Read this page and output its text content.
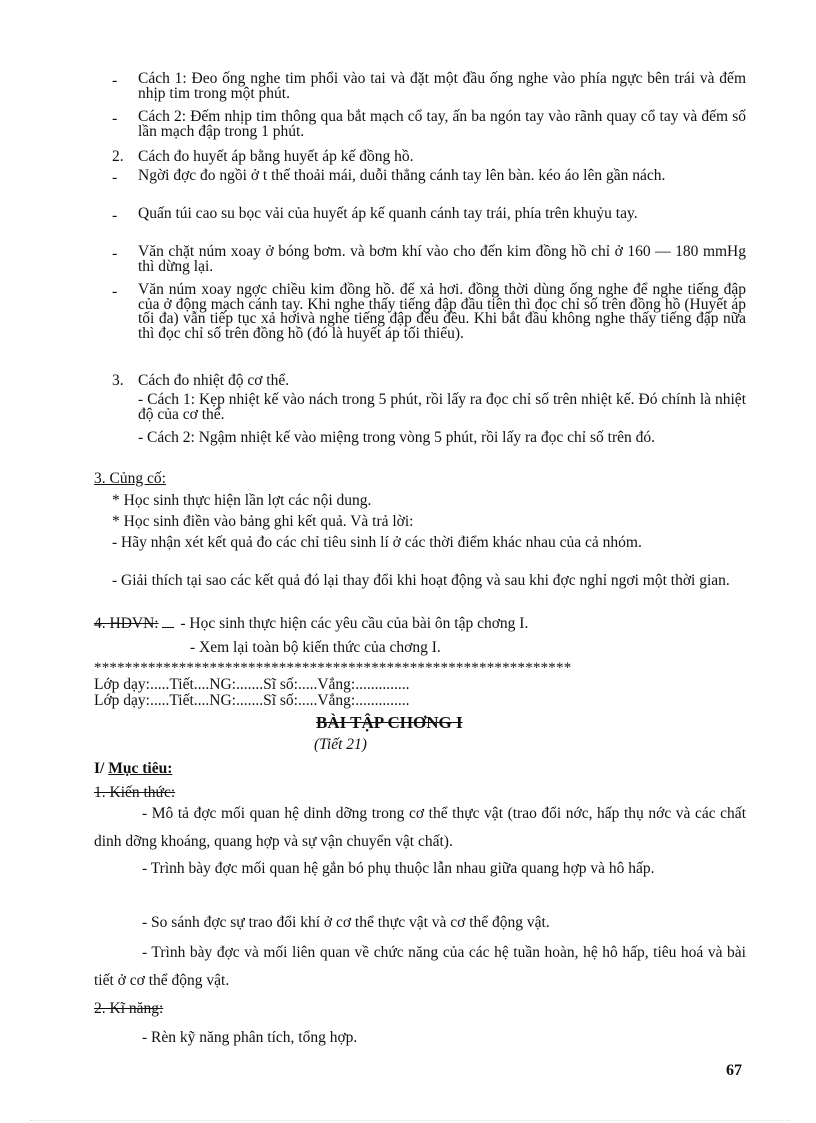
- Cách 1: Đeo ống nghe tim phổi vào tai và đặt một đầu ống nghe vào phía ngực bên trái và đếm nhịp tim trong một phút.
- Cách 2: Đếm nhịp tim thông qua bắt mạch cổ tay, ấn ba ngón tay vào rãnh quay cổ tay và đếm số lần mạch đập trong 1 phút.
2. Cách đo huyết áp bằng huyết áp kế đồng hồ.
- Ngời đợc đo ngồi ở t thế thoải mái, duỗi thẳng cánh tay lên bàn. kéo áo lên gần nách.
- Quấn túi cao su bọc vải của huyết áp kế quanh cánh tay trái, phía trên khuỷu tay.
- Văn chặt núm xoay ở bóng bơm. và bơm khí vào cho đến kim đồng hồ chỉ ở 160 — 180 mmHg thì dừng lại.
- Văn núm xoay ngợc chiều kim đồng hồ. để xả hơi. đồng thời dùng ống nghe để nghe tiếng đập của ở động mạch cánh tay. Khi nghe thấy tiếng đập đầu tiên thì đọc chỉ số trên đồng hồ (Huyết áp tối đa) vẫn tiếp tục xả hơivà nghe tiếng đập đều đều. Khi bắt đầu không nghe thấy tiếng đập nữa thì đọc chỉ số trên đồng hồ (đó là huyết áp tối thiểu).
3. Cách đo nhiệt độ cơ thể.
- Cách 1: Kẹp nhiệt kế vào nách trong 5 phút, rồi lấy ra đọc chỉ số trên nhiệt kế. Đó chính là nhiệt độ của cơ thể.
- Cách 2: Ngậm nhiệt kế vào miệng trong vòng 5 phút, rồi lấy ra đọc chỉ số trên đó.
3. Củng cố:
* Học sinh thực hiện lần lợt các nội dung.
* Học sinh điền vào bảng ghi kết quả. Và trả lời:
- Hãy nhận xét kết quả đo các chỉ tiêu sinh lí ở các thời điểm khác nhau của cả nhóm.
- Giải thích tại sao các kết quả đó lại thay đổi khi hoạt động và sau khi đợc nghỉ ngơi một thời gian.
4. HDVN: - Học sinh thực hiện các yêu cầu của bài ôn tập chơng I.
- Xem lại toàn bộ kiến thức của chơng I.
**************************************************************
Lớp dạy:.....Tiết....NG:.......Sĩ số:.....Vắng:..............
Lớp dạy:.....Tiết....NG:.......Sĩ số:.....Vắng:..............
BÀI TẬP CHƠNG I
(Tiết 21)
I/ Mục tiêu:
1. Kiến thức:
- Mô tả đợc mối quan hệ dinh dỡng trong cơ thể thực vật (trao đổi nớc, hấp thụ nớc và các chất dinh dỡng khoáng, quang hợp và sự vận chuyển vật chất).
- Trình bày đợc mối quan hệ gắn bó phụ thuộc lẫn nhau giữa quang hợp và hô hấp.
- So sánh đợc sự trao đổi khí ở cơ thể thực vật và cơ thể động vật.
- Trình bày đợc và mối liên quan về chức năng của các hệ tuần hoàn, hệ hô hấp, tiêu hoá và bài tiết ở cơ thể động vật.
2. Kĩ năng:
- Rèn kỹ năng phân tích, tổng hợp.
67
